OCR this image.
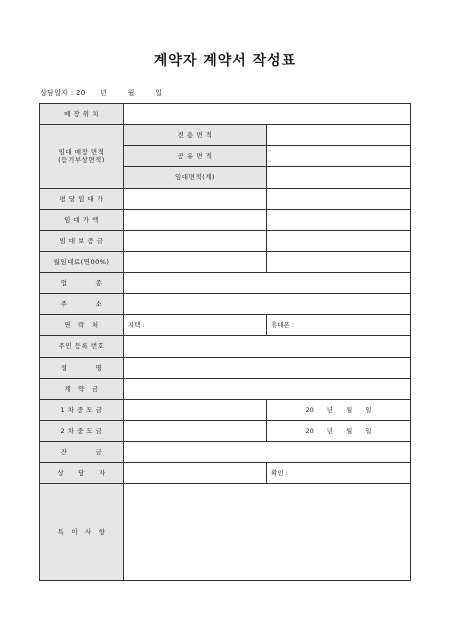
계약자 계약서 작성표
상담일자 : 20 년	월	일
매 장 위 치		
임대 매장 면적
(등기부상면적)	전 용 면 적	
	공 유 면 적	
	임대면적(계)	
평 당 임 대 가		
임 대 가 액		
임 대 보 증 금		
월임대료(연00%)		
업　　　　종		
주　　　　소		
연　락　처	자택 :	휴대폰 :
주민 등록 번호		
성　　　　명		
계　약　금		
1 차 중 도 금		20　　년　　월　　일
2 차 중 도 금		20　　년　　월　　일
잔　　　　금		
상　　담　　자		확인 :
특　이　사　항		
